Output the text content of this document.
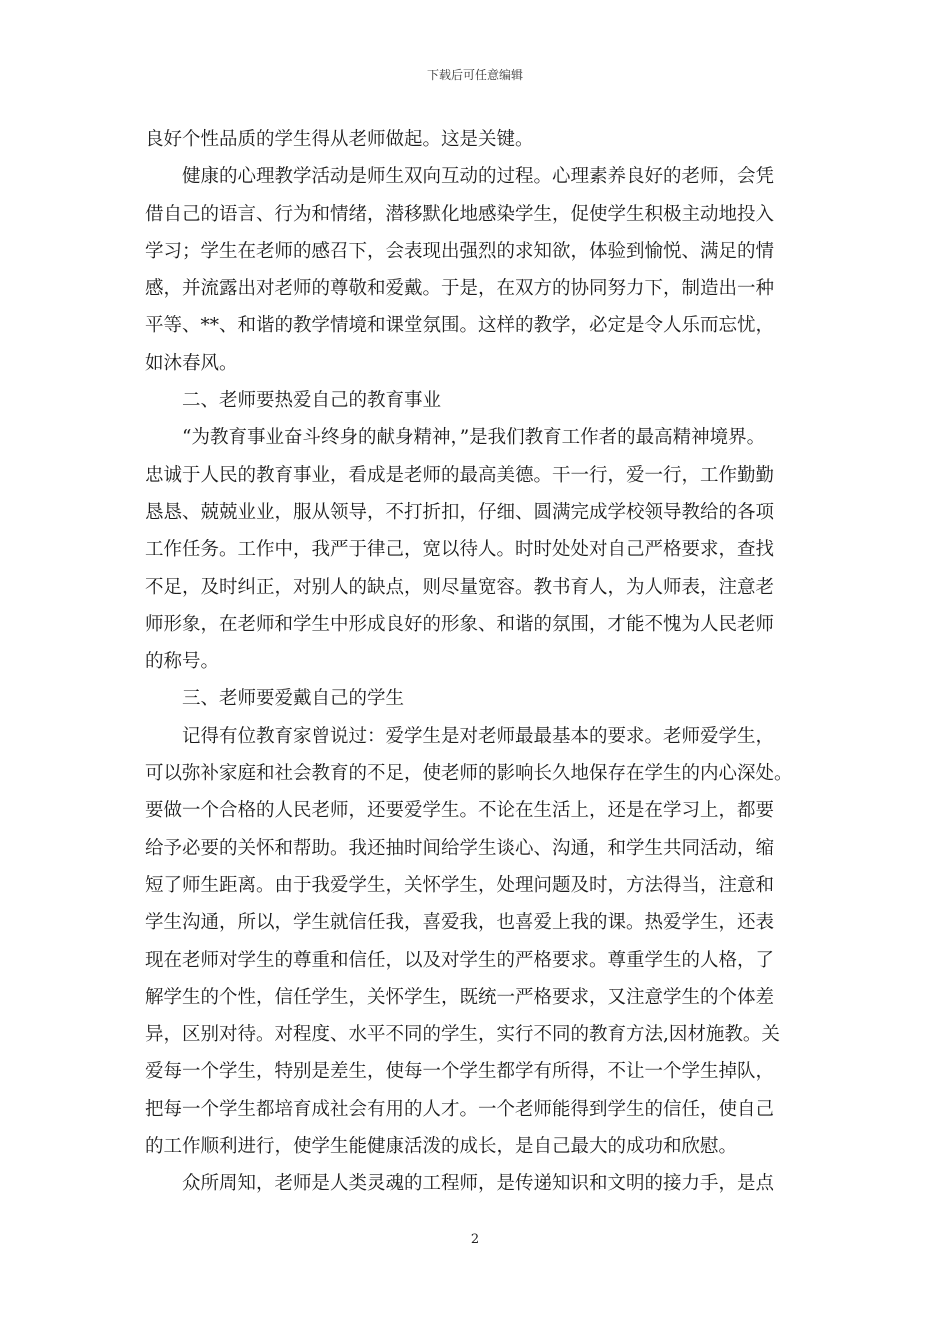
下载后可任意编辑
良好个性品质的学生得从老师做起。这是关键。
健康的心理教学活动是师生双向互动的过程。心理素养良好的老师，会凭
借自己的语言、行为和情绪，潜移默化地感染学生，促使学生积极主动地投入
学习；学生在老师的感召下，会表现出强烈的求知欲，体验到愉悦、满足的情
感，并流露出对老师的尊敬和爱戴。于是，在双方的协同努力下，制造出一种
平等、**、和谐的教学情境和课堂氛围。这样的教学，必定是令人乐而忘忧，
如沐春风。
二、老师要热爱自己的教育事业
“为教育事业奋斗终身的献身精神，”是我们教育工作者的最高精神境界。
忠诚于人民的教育事业，看成是老师的最高美德。干一行，爱一行，工作勤勤
恳恳、兢兢业业，服从领导，不打折扣，仔细、圆满完成学校领导教给的各项
工作任务。工作中，我严于律己，宽以待人。时时处处对自己严格要求，查找
不足，及时纠正，对别人的缺点，则尽量宽容。教书育人，为人师表，注意老
师形象，在老师和学生中形成良好的形象、和谐的氛围，才能不愧为人民老师
的称号。
三、老师要爱戴自己的学生
记得有位教育家曾说过：爱学生是对老师最最基本的要求。老师爱学生，
可以弥补家庭和社会教育的不足，使老师的影响长久地保存在学生的内心深处。
要做一个合格的人民老师，还要爱学生。不论在生活上，还是在学习上，都要
给予必要的关怀和帮助。我还抽时间给学生谈心、沟通，和学生共同活动，缩
短了师生距离。由于我爱学生，关怀学生，处理问题及时，方法得当，注意和
学生沟通，所以，学生就信任我，喜爱我，也喜爱上我的课。热爱学生，还表
现在老师对学生的尊重和信任，以及对学生的严格要求。尊重学生的人格，了
解学生的个性，信任学生，关怀学生，既统一严格要求，又注意学生的个体差
异，区别对待。对程度、水平不同的学生，实行不同的教育方法,因材施教。关
爱每一个学生，特别是差生，使每一个学生都学有所得，不让一个学生掉队，
把每一个学生都培育成社会有用的人才。一个老师能得到学生的信任，使自己
的工作顺利进行，使学生能健康活泼的成长，是自己最大的成功和欣慰。
众所周知，老师是人类灵魂的工程师，是传递知识和文明的接力手，是点
2
